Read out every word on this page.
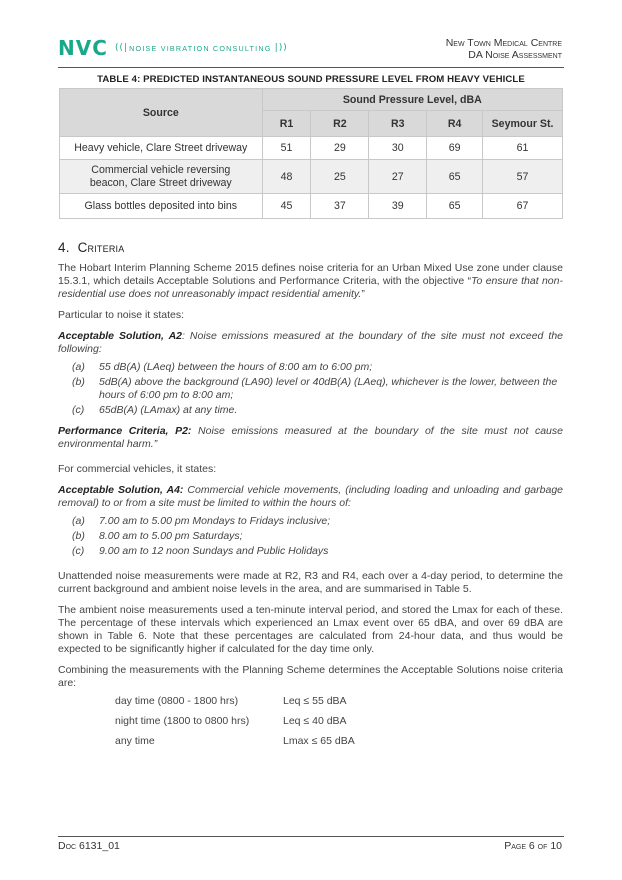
NVC ((| NOISE VIBRATION CONSULTING |))	New Town Medical Centre
DA Noise Assessment
TABLE 4: PREDICTED INSTANTANEOUS SOUND PRESSURE LEVEL FROM HEAVY VEHICLE
Source	Sound Pressure Level, dBA				
	R1	R2	R3	R4	Seymour St.
Heavy vehicle, Clare Street driveway	51	29	30	69	61
Commercial vehicle reversing
beacon, Clare Street driveway	48	25	27	65	57
Glass bottles deposited into bins	45	37	39	65	67
4. Criteria

The Hobart Interim Planning Scheme 2015 defines noise criteria for an Urban Mixed Use zone under clause 15.3.1, which details Acceptable Solutions and Performance Criteria, with the objective “To ensure that non-residential use does not unreasonably impact residential amenity.”

Particular to noise it states:

Acceptable Solution, A2: Noise emissions measured at the boundary of the site must not exceed the following:

(a)	55 dB(A) (LAeq) between the hours of 8:00 am to 6:00 pm;
(b)	5dB(A) above the background (LA90) level or 40dB(A) (LAeq), whichever is the lower, between the hours of 6:00 pm to 8:00 am;
(c)	65dB(A) (LAmax) at any time.

Performance Criteria, P2: Noise emissions measured at the boundary of the site must not cause environmental harm.”

For commercial vehicles, it states:

Acceptable Solution, A4: Commercial vehicle movements, (including loading and unloading and garbage removal) to or from a site must be limited to within the hours of:

(a)	7.00 am to 5.00 pm Mondays to Fridays inclusive;
(b)	8.00 am to 5.00 pm Saturdays;
(c)	9.00 am to 12 noon Sundays and Public Holidays

Unattended noise measurements were made at R2, R3 and R4, each over a 4-day period, to determine the current background and ambient noise levels in the area, and are summarised in Table 5.

The ambient noise measurements used a ten-minute interval period, and stored the Lmax for each of these. The percentage of these intervals which experienced an Lmax event over 65 dBA, and over 69 dBA are shown in Table 6. Note that these percentages are calculated from 24-hour data, and thus would be expected to be significantly higher if calculated for the day time only.

Combining the measurements with the Planning Scheme determines the Acceptable Solutions noise criteria are:

day time (0800 - 1800 hrs)	Leq ≤ 55 dBA
night time (1800 to 0800 hrs)	Leq ≤ 40 dBA
any time	Lmax ≤ 65 dBA
Doc 6131_01	Page 6 of 10
